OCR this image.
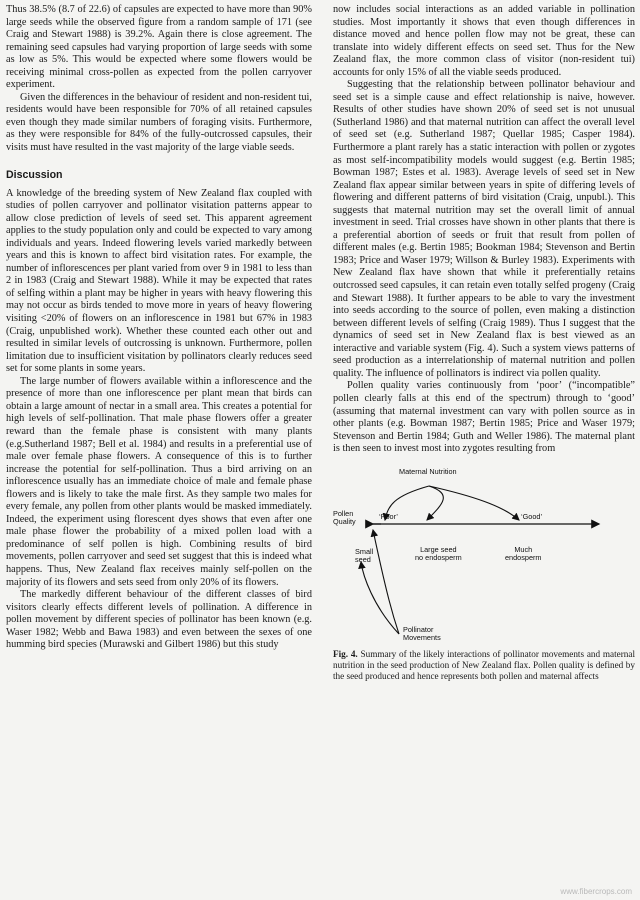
Thus 38.5% (8.7 of 22.6) of capsules are expected to have more than 90% large seeds while the observed figure from a random sample of 171 (see Craig and Stewart 1988) is 39.2%. Again there is close agreement. The remaining seed capsules had varying proportion of large seeds with some as low as 5%. This would be expected where some flowers would be receiving minimal cross-pollen as expected from the pollen carryover experiment.

Given the differences in the behaviour of resident and non-resident tui, residents would have been responsible for 70% of all retained capsules even though they made similar numbers of foraging visits. Furthermore, as they were responsible for 84% of the fully-outcrossed capsules, their visits must have resulted in the vast majority of the large viable seeds.

Discussion

A knowledge of the breeding system of New Zealand flax coupled with studies of pollen carryover and pollinator visitation patterns appear to allow close prediction of levels of seed set. This apparent agreement applies to the study population only and could be expected to vary among individuals and years. Indeed flowering levels varied markedly between years and this is known to affect bird visitation rates. For example, the number of inflorescences per plant varied from over 9 in 1981 to less than 2 in 1983 (Craig and Stewart 1988). While it may be expected that rates of selfing within a plant may be higher in years with heavy flowering this may not occur as birds tended to move more in years of heavy flowering visiting <20% of flowers on an inflorescence in 1981 but 67% in 1983 (Craig, unpublished work). Whether these counted each other out and resulted in similar levels of outcrossing is unknown. Furthermore, pollen limitation due to insufficient visitation by pollinators clearly reduces seed set for some plants in some years.

The large number of flowers available within a inflorescence and the presence of more than one inflorescence per plant mean that birds can obtain a large amount of nectar in a small area. This creates a potential for high levels of self-pollination. That male phase flowers offer a greater reward than the female phase is consistent with many plants (e.g.Sutherland 1987; Bell et al. 1984) and results in a preferential use of male over female phase flowers. A consequence of this is to further increase the potential for self-pollination. Thus a bird arriving on an inflorescence usually has an immediate choice of male and female phase flowers and is likely to take the male first. As they sample two males for every female, any pollen from other plants would be masked immediately. Indeed, the experiment using florescent dyes shows that even after one male phase flower the probability of a mixed pollen load with a predominance of self pollen is high. Combining results of bird movements, pollen carryover and seed set suggest that this is indeed what happens. Thus, New Zealand flax receives mainly self-pollen on the majority of its flowers and sets seed from only 20% of its flowers.

The markedly different behaviour of the different classes of bird visitors clearly effects different levels of pollination. A difference in pollen movement by different species of pollinator has been known (e.g. Waser 1982; Webb and Bawa 1983) and even between the sexes of one humming bird species (Murawski and Gilbert 1986) but this study

now includes social interactions as an added variable in pollination studies. Most importantly it shows that even though differences in distance moved and hence pollen flow may not be great, these can translate into widely different effects on seed set. Thus for the New Zealand flax, the more common class of visitor (non-resident tui) accounts for only 15% of all the viable seeds produced.

Suggesting that the relationship between pollinator behaviour and seed set is a simple cause and effect relationship is naive, however. Results of other studies have shown 20% of seed set is not unusual (Sutherland 1986) and that maternal nutrition can affect the overall level of seed set (e.g. Sutherland 1987; Quellar 1985; Casper 1984). Furthermore a plant rarely has a static interaction with pollen or zygotes as most self-incompatibility models would suggest (e.g. Bertin 1985; Bowman 1987; Estes et al. 1983). Average levels of seed set in New Zealand flax appear similar between years in spite of differing levels of flowering and different patterns of bird visitation (Craig, unpubl.). This suggests that maternal nutrition may set the overall limit of annual investment in seed. Trial crosses have shown in other plants that there is a preferential abortion of seeds or fruit that result from pollen of different males (e.g. Bertin 1985; Bookman 1984; Stevenson and Bertin 1983; Price and Waser 1979; Willson & Burley 1983). Experiments with New Zealand flax have shown that while it preferentially retains outcrossed seed capsules, it can retain even totally selfed progeny (Craig and Stewart 1988). It further appears to be able to vary the investment into seeds according to the source of pollen, even making a distinction between different levels of selfing (Craig 1989). Thus I suggest that the dynamics of seed set in New Zealand flax is best viewed as an interactive and variable system (Fig. 4). Such a system views patterns of seed production as a interrelationship of maternal nutrition and pollen quality. The influence of pollinators is indirect via pollen quality.

Pollen quality varies continuously from ‘poor’ (“incompatible” pollen clearly falls at this end of the spectrum) through to ‘good’ (assuming that maternal investment can vary with pollen source as in other plants (e.g. Bowman 1987; Bertin 1985; Price and Waser 1979; Stevenson and Bertin 1984; Guth and Weller 1986). The maternal plant is then seen to invest most into zygotes resulting from

Maternal Nutrition
Pollen
Quality
‘Poor’	‘Good’
Small
seed
Large seed
no endosperm
Much
endosperm
Pollinator
Movements

Fig. 4. Summary of the likely interactions of pollinator movements and maternal nutrition in the seed production of New Zealand flax. Pollen quality is defined by the seed produced and hence represents both pollen and maternal affects

www.fibercrops.com
